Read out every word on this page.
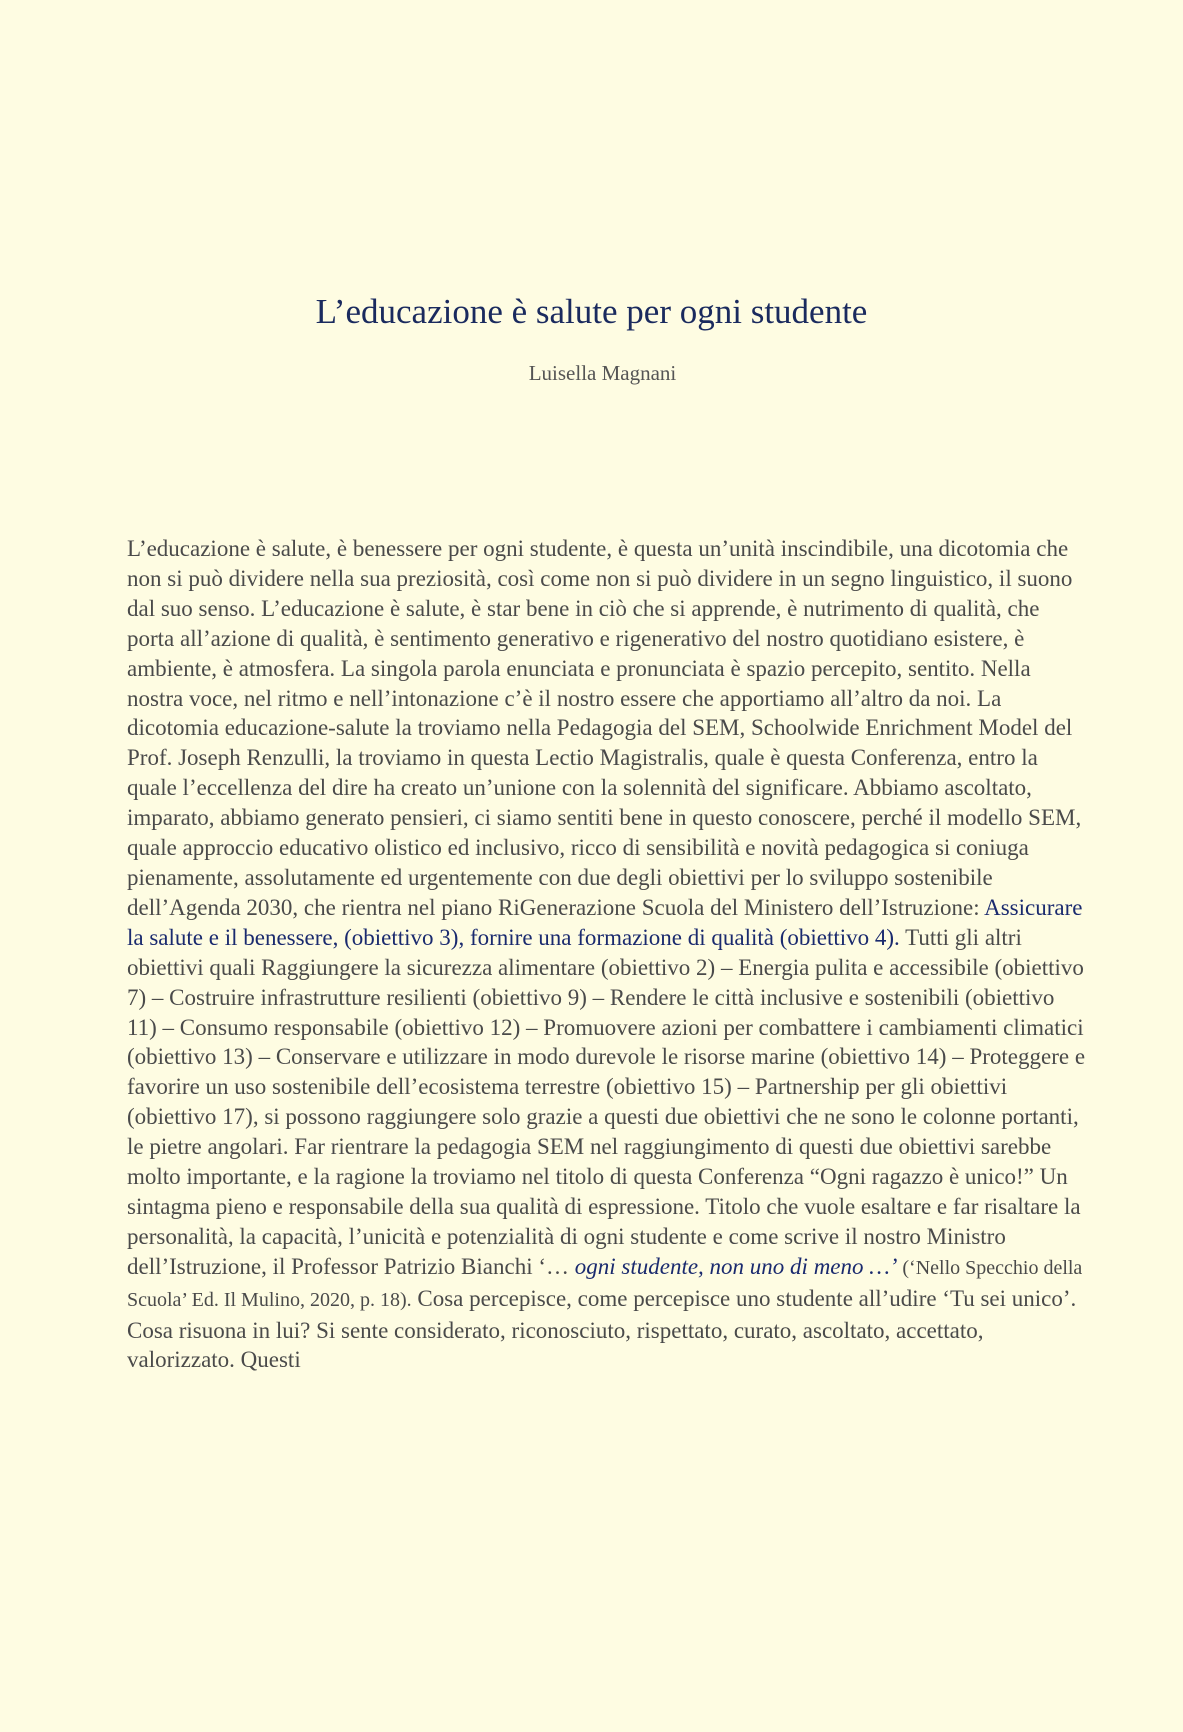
L’educazione è salute per ogni studente
Luisella Magnani

L’educazione è salute, è benessere per ogni studente, è questa un’unità inscindibile, una dicotomia che non si può dividere nella sua preziosità, così come non si può dividere in un segno linguistico, il suono dal suo senso. L’educazione è salute, è star bene in ciò che si apprende, è nutrimento di qualità, che porta all’azione di qualità, è sentimento generativo e rigenerativo del nostro quotidiano esistere, è ambiente, è atmosfera. La singola parola enunciata e pronunciata è spazio percepito, sentito. Nella nostra voce, nel ritmo e nell’intonazione c’è il nostro essere che apportiamo all’altro da noi. La dicotomia educazione-salute la troviamo nella Pedagogia del SEM, Schoolwide Enrichment Model del Prof. Joseph Renzulli, la troviamo in questa Lectio Magistralis, quale è questa Conferenza, entro la quale l’eccellenza del dire ha creato un’unione con la solennità del significare. Abbiamo ascoltato, imparato, abbiamo generato pensieri, ci siamo sentiti bene in questo conoscere, perché il modello SEM, quale approccio educativo olistico ed inclusivo, ricco di sensibilità e novità pedagogica si coniuga pienamente, assolutamente ed urgentemente con due degli obiettivi per lo sviluppo sostenibile dell’Agenda 2030, che rientra nel piano RiGenerazione Scuola del Ministero dell’Istruzione: Assicurare la salute e il benessere, (obiettivo 3), fornire una formazione di qualità (obiettivo 4). Tutti gli altri obiettivi quali Raggiungere la sicurezza alimentare (obiettivo 2) – Energia pulita e accessibile (obiettivo 7) – Costruire infrastrutture resilienti (obiettivo 9) – Rendere le città inclusive e sostenibili (obiettivo 11) – Consumo responsabile (obiettivo 12) – Promuovere azioni per combattere i cambiamenti climatici (obiettivo 13) – Conservare e utilizzare in modo durevole le risorse marine (obiettivo 14) – Proteggere e favorire un uso sostenibile dell’ecosistema terrestre (obiettivo 15) – Partnership per gli obiettivi (obiettivo 17), si possono raggiungere solo grazie a questi due obiettivi che ne sono le colonne portanti, le pietre angolari. Far rientrare la pedagogia SEM nel raggiungimento di questi due obiettivi sarebbe molto importante, e la ragione la troviamo nel titolo di questa Conferenza “Ogni ragazzo è unico!” Un sintagma pieno e responsabile della sua qualità di espressione. Titolo che vuole esaltare e far risaltare la personalità, la capacità, l’unicità e potenzialità di ogni studente e come scrive il nostro Ministro dell’Istruzione, il Professor Patrizio Bianchi ‘… ogni studente, non uno di meno …’ (‘Nello Specchio della Scuola’ Ed. Il Mulino, 2020, p. 18). Cosa percepisce, come percepisce uno studente all’udire ‘Tu sei unico’. Cosa risuona in lui? Si sente considerato, riconosciuto, rispettato, curato, ascoltato, accettato, valorizzato. Questi
